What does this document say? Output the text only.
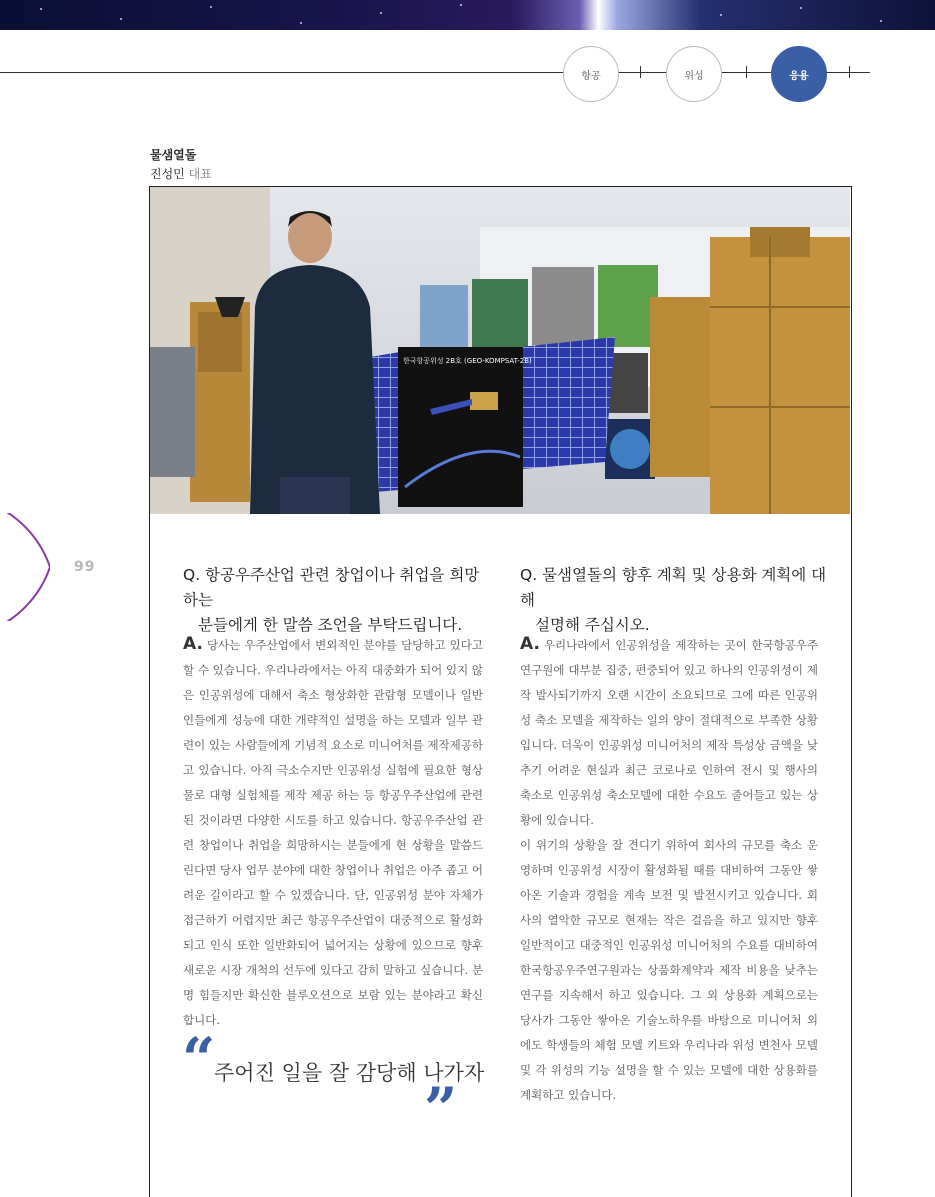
항공	위성	응용
물샘열돌
진성민 대표
한국항공위성 2B호 (GEO-KOMPSAT-2B)
99	Q. 항공우주산업 관련 창업이나 취업을 희망하는
분들에게 한 말씀 조언을 부탁드립니다.

A. 당사는 우주산업에서 변외적인 분야를 담당하고 있다고 할 수 있습니다. 우리나라에서는 아직 대중화가 되어 있지 않은 인공위성에 대해서 축소 형상화한 관람형 모델이나 일반인들에게 성능에 대한 개략적인 설명을 하는 모델과 일부 관련이 있는 사람들에게 기념적 요소로 미니어처를 제작제공하고 있습니다. 아직 극소수지만 인공위성 실험에 필요한 형상물로 대형 실험체를 제작 제공 하는 등 항공우주산업에 관련된 것이라면 다양한 시도를 하고 있습니다. 항공우주산업 관련 창업이나 취업을 희망하시는 분들에게 현 상황을 말씀드린다면 당사 업무 분야에 대한 창업이나 취업은 아주 좁고 어려운 길이라고 할 수 있겠습니다. 단, 인공위성 분야 자체가 접근하기 어렵지만 최근 항공우주산업이 대중적으로 활성화되고 인식 또한 일반화되어 넓어지는 상황에 있으므로 향후 새로운 시장 개척의 선두에 있다고 감히 말하고 싶습니다. 분명 힘들지만 확신한 블루오션으로 보람 있는 분야라고 확신합니다.

“
주어진 일을 잘 감당해 나가자
”
Q. 물샘열돌의 향후 계획 및 상용화 계획에 대해
설명해 주십시오.

A. 우리나라에서 인공위성을 제작하는 곳이 한국항공우주연구원에 대부분 집중, 편중되어 있고 하나의 인공위성이 제작 발사되기까지 오랜 시간이 소요되므로 그에 따른 인공위성 축소 모델을 제작하는 일의 양이 절대적으로 부족한 상황입니다. 더욱이 인공위성 미니어처의 제작 특성상 금액을 낮추기 어려운 현실과 최근 코로나로 인하여 전시 및 행사의 축소로 인공위성 축소모델에 대한 수요도 줄어들고 있는 상황에 있습니다.

이 위기의 상황을 잘 견디기 위하여 회사의 규모를 축소 운영하며 인공위성 시장이 활성화될 때를 대비하여 그동안 쌓아온 기술과 경험을 계속 보전 및 발전시키고 있습니다. 회사의 열악한 규모로 현재는 작은 걸음을 하고 있지만 향후 일반적이고 대중적인 인공위성 미니어처의 수요를 대비하여 한국항공우주연구원과는 상품화계약과 제작 비용을 낮추는 연구를 지속해서 하고 있습니다. 그 외 상용화 계획으로는 당사가 그동안 쌓아온 기술노하우를 바탕으로 미니어처 외에도 학생들의 체험 모델 키트와 우리나라 위성 변천사 모델 및 각 위성의 기능 설명을 할 수 있는 모델에 대한 상용화를 계획하고 있습니다.
